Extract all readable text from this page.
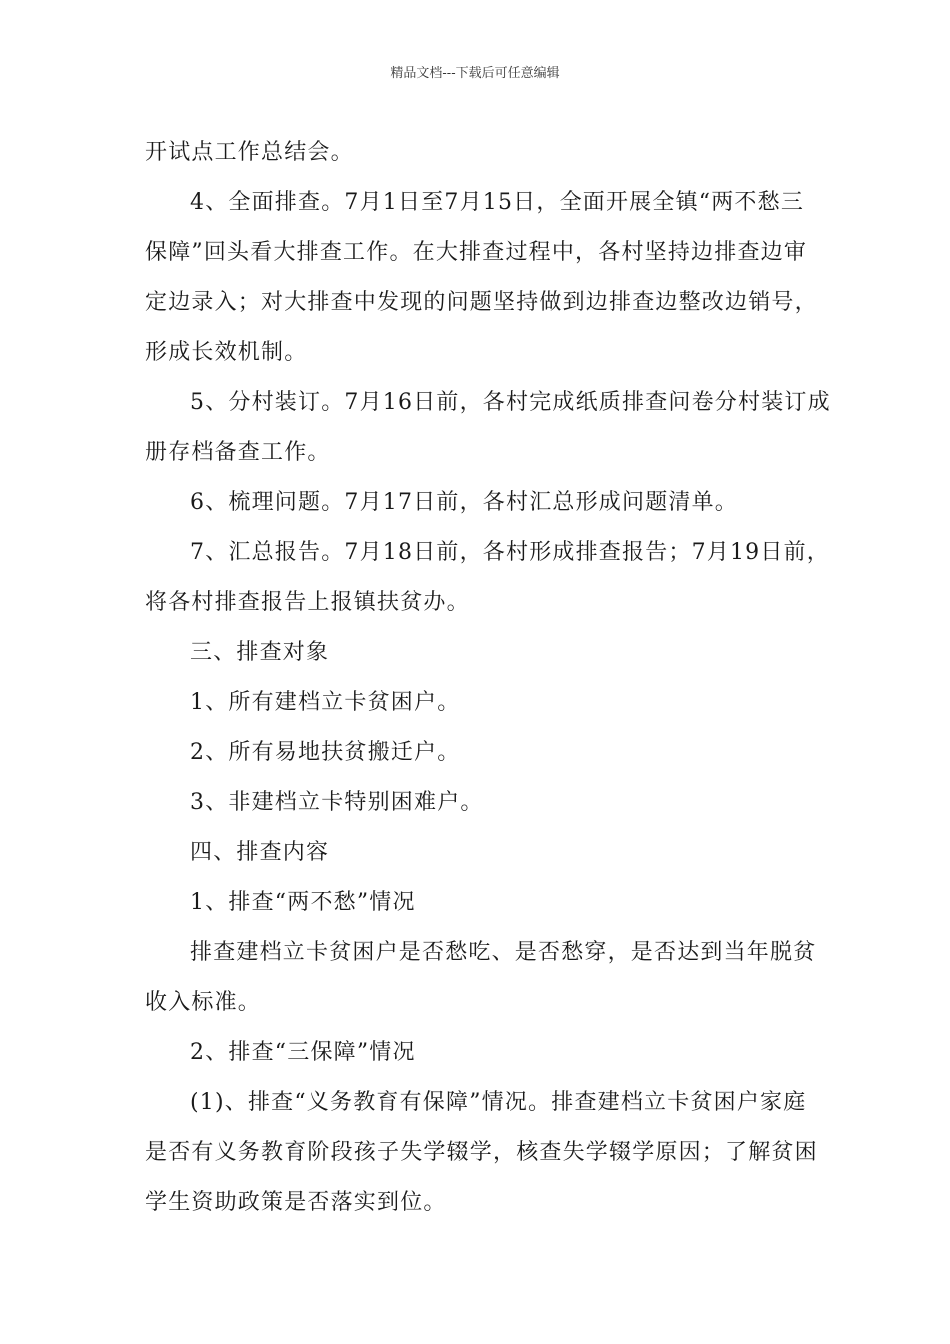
精品文档---下载后可任意编辑

开试点工作总结会。

4、全面排查。7月1日至7月15日，全面开展全镇“两不愁三

保障”回头看大排查工作。在大排查过程中，各村坚持边排查边审

定边录入；对大排查中发现的问题坚持做到边排查边整改边销号，

形成长效机制。

5、分村装订。7月16日前，各村完成纸质排查问卷分村装订成

册存档备查工作。

6、梳理问题。7月17日前，各村汇总形成问题清单。

7、汇总报告。7月18日前，各村形成排查报告；7月19日前，

将各村排查报告上报镇扶贫办。

三、排查对象

1、所有建档立卡贫困户。

2、所有易地扶贫搬迁户。

3、非建档立卡特别困难户。

四、排查内容

1、排查“两不愁”情况

排查建档立卡贫困户是否愁吃、是否愁穿，是否达到当年脱贫

收入标准。

2、排查“三保障”情况

(1)、排查“义务教育有保障”情况。排查建档立卡贫困户家庭

是否有义务教育阶段孩子失学辍学，核查失学辍学原因；了解贫困

学生资助政策是否落实到位。
